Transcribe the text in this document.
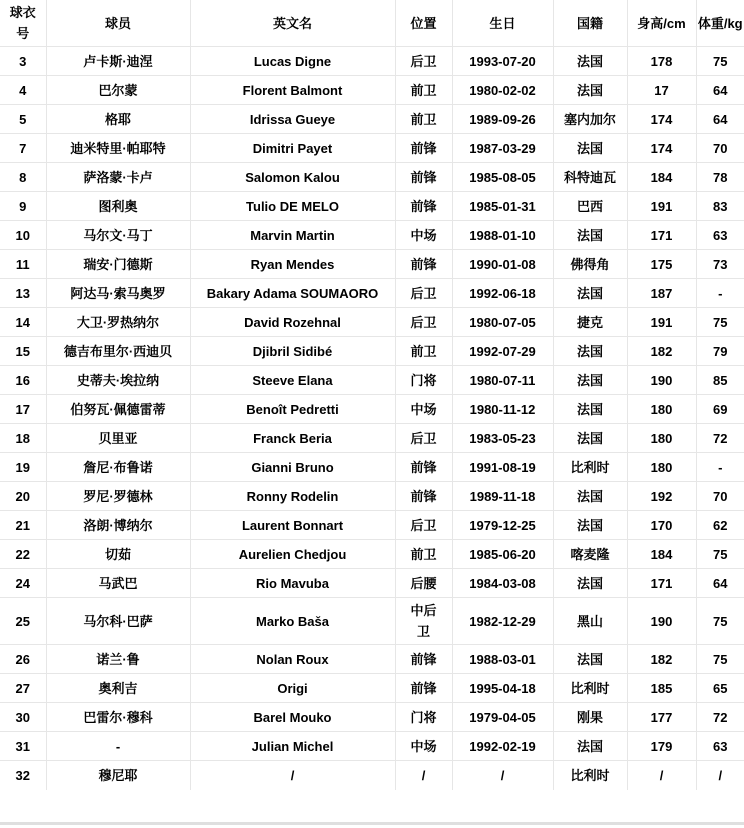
球衣号	球员	英文名	位置	生日	国籍	身高/cm	体重/kg
3	卢卡斯·迪涅	Lucas Digne	后卫	1993-07-20	法国	178	75
4	巴尔蒙	Florent Balmont	前卫	1980-02-02	法国	17	64
5	格耶	Idrissa Gueye	前卫	1989-09-26	塞内加尔	174	64
7	迪米特里·帕耶特	Dimitri Payet	前锋	1987-03-29	法国	174	70
8	萨洛蒙·卡卢	Salomon Kalou	前锋	1985-08-05	科特迪瓦	184	78
9	图利奥	Tulio DE MELO	前锋	1985-01-31	巴西	191	83
10	马尔文·马丁	Marvin Martin	中场	1988-01-10	法国	171	63
11	瑞安·门德斯	Ryan Mendes	前锋	1990-01-08	佛得角	175	73
13	阿达马·索马奥罗	Bakary Adama SOUMAORO	后卫	1992-06-18	法国	187	-
14	大卫·罗热纳尔	David Rozehnal	后卫	1980-07-05	捷克	191	75
15	德吉布里尔·西迪贝	Djibril Sidibé	前卫	1992-07-29	法国	182	79
16	史蒂夫·埃拉纳	Steeve Elana	门将	1980-07-11	法国	190	85
17	伯努瓦·佩德雷蒂	Benoît Pedretti	中场	1980-11-12	法国	180	69
18	贝里亚	Franck Beria	后卫	1983-05-23	法国	180	72
19	詹尼·布鲁诺	Gianni Bruno	前锋	1991-08-19	比利时	180	-
20	罗尼·罗德林	Ronny Rodelin	前锋	1989-11-18	法国	192	70
21	洛朗·博纳尔	Laurent Bonnart	后卫	1979-12-25	法国	170	62
22	切茹	Aurelien Chedjou	前卫	1985-06-20	喀麦隆	184	75
24	马武巴	Rio Mavuba	后腰	1984-03-08	法国	171	64
25	马尔科·巴萨	Marko Baša	中后卫	1982-12-29	黑山	190	75
26	诺兰·鲁	Nolan Roux	前锋	1988-03-01	法国	182	75
27	奥利吉	Origi	前锋	1995-04-18	比利时	185	65
30	巴雷尔·穆科	Barel Mouko	门将	1979-04-05	刚果	177	72
31	-	Julian Michel	中场	1992-02-19	法国	179	63
32	穆尼耶	/	/	/	比利时	/	/
